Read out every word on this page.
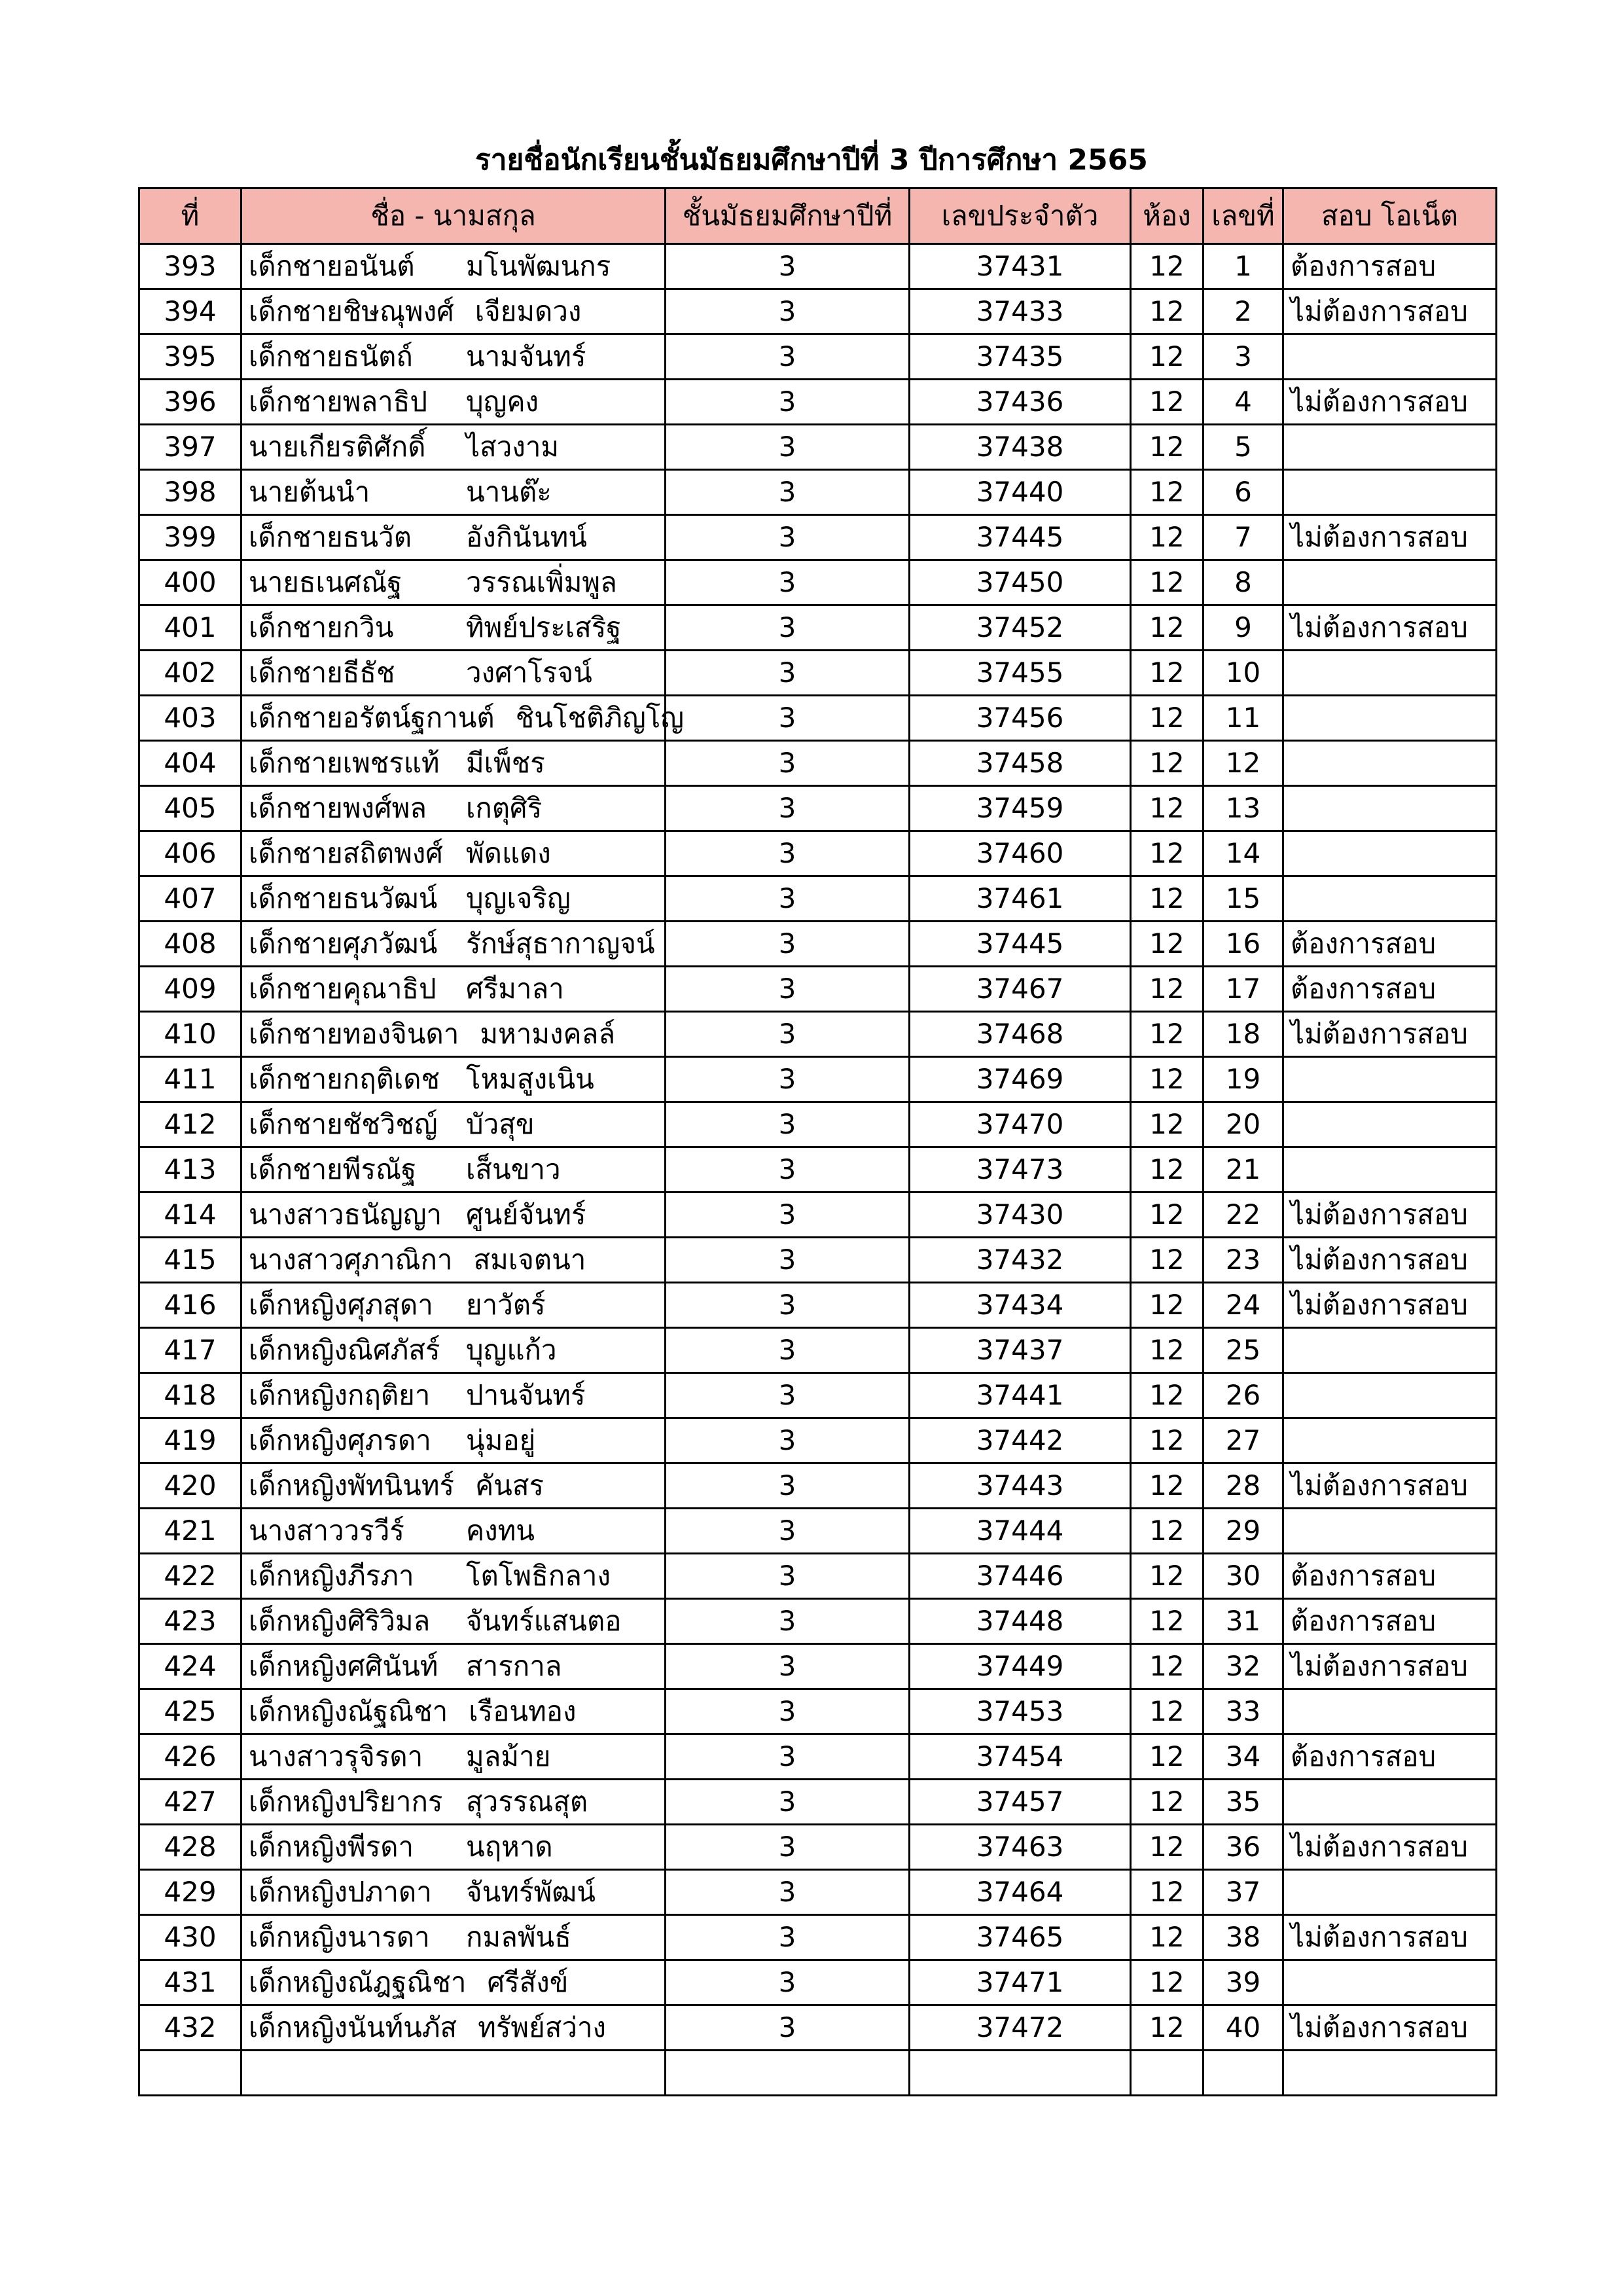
รายชื่อนักเรียนชั้นมัธยมศึกษาปีที่ 3 ปีการศึกษา 2565
ที่	ชื่อ - นามสกุล	ชั้นมัธยมศึกษาปีที่	เลขประจำตัว	ห้อง	เลขที่	สอบ โอเน็ต
393	เด็กชายอนันต์ มโนพัฒนกร	3	37431	12	1	ต้องการสอบ
394	เด็กชายชิษณุพงศ์ เจียมดวง	3	37433	12	2	ไม่ต้องการสอบ
395	เด็กชายธนัตถ์ นามจันทร์	3	37435	12	3	
396	เด็กชายพลาธิป บุญคง	3	37436	12	4	ไม่ต้องการสอบ
397	นายเกียรติศักดิ์ ไสวงาม	3	37438	12	5	
398	นายต้นนำ นานต๊ะ	3	37440	12	6	
399	เด็กชายธนวัต อังกินันทน์	3	37445	12	7	ไม่ต้องการสอบ
400	นายธเนศณัฐ วรรณเพิ่มพูล	3	37450	12	8	
401	เด็กชายกวิน ทิพย์ประเสริฐ	3	37452	12	9	ไม่ต้องการสอบ
402	เด็กชายธีธัช วงศาโรจน์	3	37455	12	10	
403	เด็กชายอรัตน์ฐกานต์ ชินโชติภิญโญ	3	37456	12	11	
404	เด็กชายเพชรแท้ มีเพ็ชร	3	37458	12	12	
405	เด็กชายพงศ์พล เกตุศิริ	3	37459	12	13	
406	เด็กชายสถิตพงศ์ พัดแดง	3	37460	12	14	
407	เด็กชายธนวัฒน์ บุญเจริญ	3	37461	12	15	
408	เด็กชายศุภวัฒน์ รักษ์สุธากาญจน์	3	37445	12	16	ต้องการสอบ
409	เด็กชายคุณาธิป ศรีมาลา	3	37467	12	17	ต้องการสอบ
410	เด็กชายทองจินดา มหามงคลล์	3	37468	12	18	ไม่ต้องการสอบ
411	เด็กชายกฤติเดช โหมสูงเนิน	3	37469	12	19	
412	เด็กชายชัชวิชญ์ บัวสุข	3	37470	12	20	
413	เด็กชายพีรณัฐ เส็นขาว	3	37473	12	21	
414	นางสาวธนัญญา ศูนย์จันทร์	3	37430	12	22	ไม่ต้องการสอบ
415	นางสาวศุภาณิกา สมเจตนา	3	37432	12	23	ไม่ต้องการสอบ
416	เด็กหญิงศุภสุดา ยาวัตร์	3	37434	12	24	ไม่ต้องการสอบ
417	เด็กหญิงณิศภัสร์ บุญแก้ว	3	37437	12	25	
418	เด็กหญิงกฤติยา ปานจันทร์	3	37441	12	26	
419	เด็กหญิงศุภรดา นุ่มอยู่	3	37442	12	27	
420	เด็กหญิงพัทนินทร์ คันสร	3	37443	12	28	ไม่ต้องการสอบ
421	นางสาววรวีร์ คงทน	3	37444	12	29	
422	เด็กหญิงภีรภา โตโพธิกลาง	3	37446	12	30	ต้องการสอบ
423	เด็กหญิงศิริวิมล จันทร์แสนตอ	3	37448	12	31	ต้องการสอบ
424	เด็กหญิงศศินันท์ สารกาล	3	37449	12	32	ไม่ต้องการสอบ
425	เด็กหญิงณัฐณิชา เรือนทอง	3	37453	12	33	
426	นางสาวรุจิรดา มูลม้าย	3	37454	12	34	ต้องการสอบ
427	เด็กหญิงปริยากร สุวรรณสุต	3	37457	12	35	
428	เด็กหญิงพีรดา นฤหาด	3	37463	12	36	ไม่ต้องการสอบ
429	เด็กหญิงปภาดา จันทร์พัฒน์	3	37464	12	37	
430	เด็กหญิงนารดา กมลพันธ์	3	37465	12	38	ไม่ต้องการสอบ
431	เด็กหญิงณัฎฐณิชา ศรีสังข์	3	37471	12	39	
432	เด็กหญิงนันท์นภัส ทรัพย์สว่าง	3	37472	12	40	ไม่ต้องการสอบ
